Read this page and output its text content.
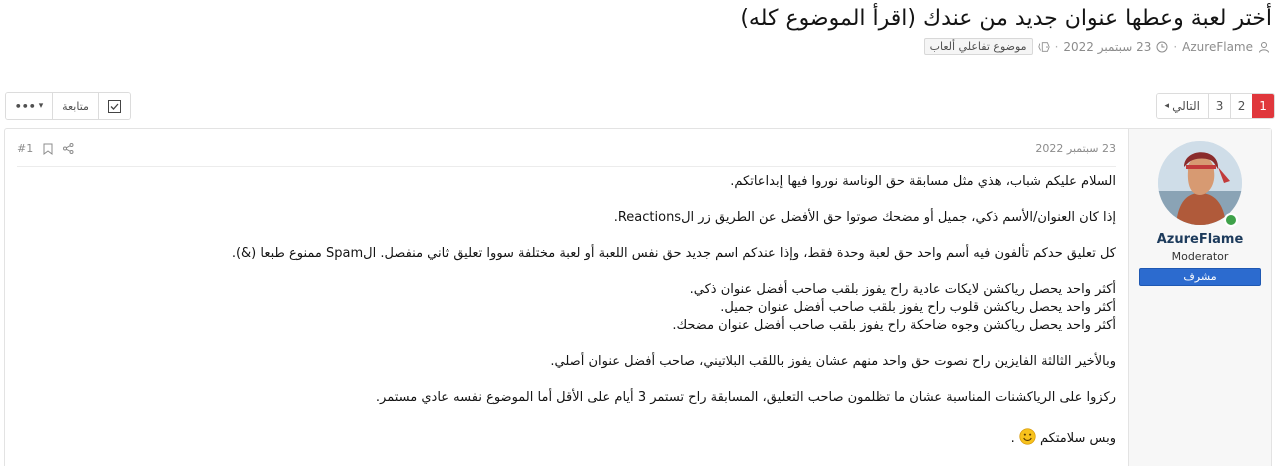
أختر لعبة وعطها عنوان جديد من عندك (اقرأ الموضوع كله)
AzureFlame
·
23 سبتمبر 2022
·
موضوع تفاعلي ألعاب
1
2
3
التالي
◂
••• ▾	متابعة
AzureFlame
Moderator
مشرف
23 سبتمبر 2022
#1

السلام عليكم شباب، هذي مثل مسابقة حق الوناسة نوروا فيها إبداعاتكم.

إذا كان العنوان/الأسم ذكي، جميل أو مضحك صوتوا حق الأفضل عن الطريق زر الReactions.

كل تعليق حدكم تألفون فيه أسم واحد حق لعبة وحدة فقط، وإذا عندكم اسم جديد حق نفس اللعبة أو لعبة مختلفة سووا تعليق ثاني منفصل. الSpam ممنوع طبعا (&).

أكثر واحد يحصل رياكشن لايكات عادية راح يفوز بلقب صاحب أفضل عنوان ذكي.

أكثر واحد يحصل رياكشن قلوب راح يفوز بلقب صاحب أفضل عنوان جميل.

أكثر واحد يحصل رياكشن وجوه ضاحكة راح يفوز بلقب صاحب أفضل عنوان مضحك.

وبالأخير الثالثة الفايزين راح نصوت حق واحد منهم عشان يفوز باللقب البلاتيني، صاحب أفضل عنوان أصلي.

ركزوا على الرياكشنات المناسبة عشان ما تظلمون صاحب التعليق، المسابقة راح تستمر 3 أيام على الأقل أما الموضوع نفسه عادي مستمر.

وبس سلامتكم  .
